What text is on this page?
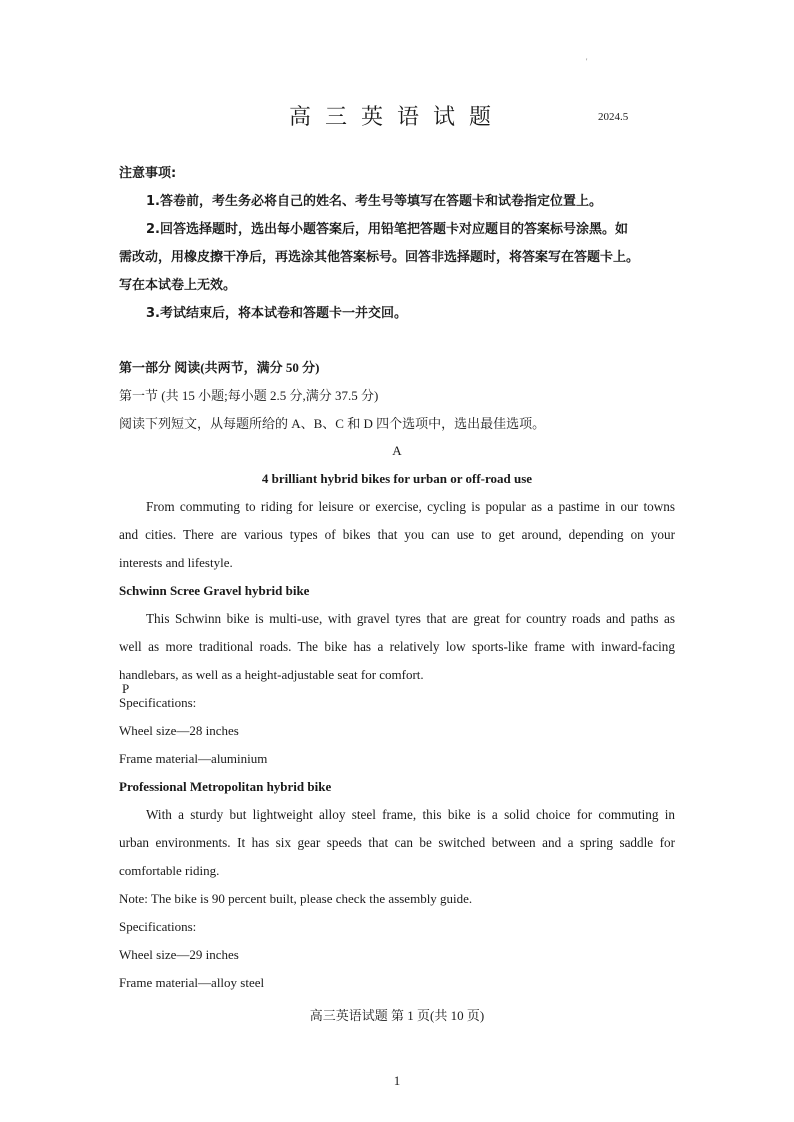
'
高三英语试题	2024.5
注意事项:
1.答卷前，考生务必将自己的姓名、考生号等填写在答题卡和试卷指定位置上。
2.回答选择题时，选出每小题答案后，用铅笔把答题卡对应题目的答案标号涂黑。如
需改动，用橡皮擦干净后，再选涂其他答案标号。回答非选择题时，将答案写在答题卡上。
写在本试卷上无效。
3.考试结束后，将本试卷和答题卡一并交回。
第一部分 阅读(共两节，满分 50 分)
第一节 (共 15 小题;每小题 2.5 分,满分 37.5 分)
阅读下列短文，从每题所给的 A、B、C 和 D 四个选项中，选出最佳选项。
A
4 brilliant hybrid bikes for urban or off-road use
From commuting to riding for leisure or exercise, cycling is popular as a pastime in our towns
and cities. There are various types of bikes that you can use to get around, depending on your
interests and lifestyle.
Schwinn Scree Gravel hybrid bike
This Schwinn bike is multi-use, with gravel tyres that are great for country roads and paths as
well as more traditional roads. The bike has a relatively low sports-like frame with inward-facing
handlebars, as well as a height-adjustable seat for comfort.
P
Specifications:
Wheel size—28 inches
Frame material—aluminium
Professional Metropolitan hybrid bike
With a sturdy but lightweight alloy steel frame, this bike is a solid choice for commuting in
urban environments. It has six gear speeds that can be switched between and a spring saddle for
comfortable riding.
Note: The bike is 90 percent built, please check the assembly guide.
Specifications:
Wheel size—29 inches
Frame material—alloy steel
高三英语试题 第 1 页(共 10 页)
1
